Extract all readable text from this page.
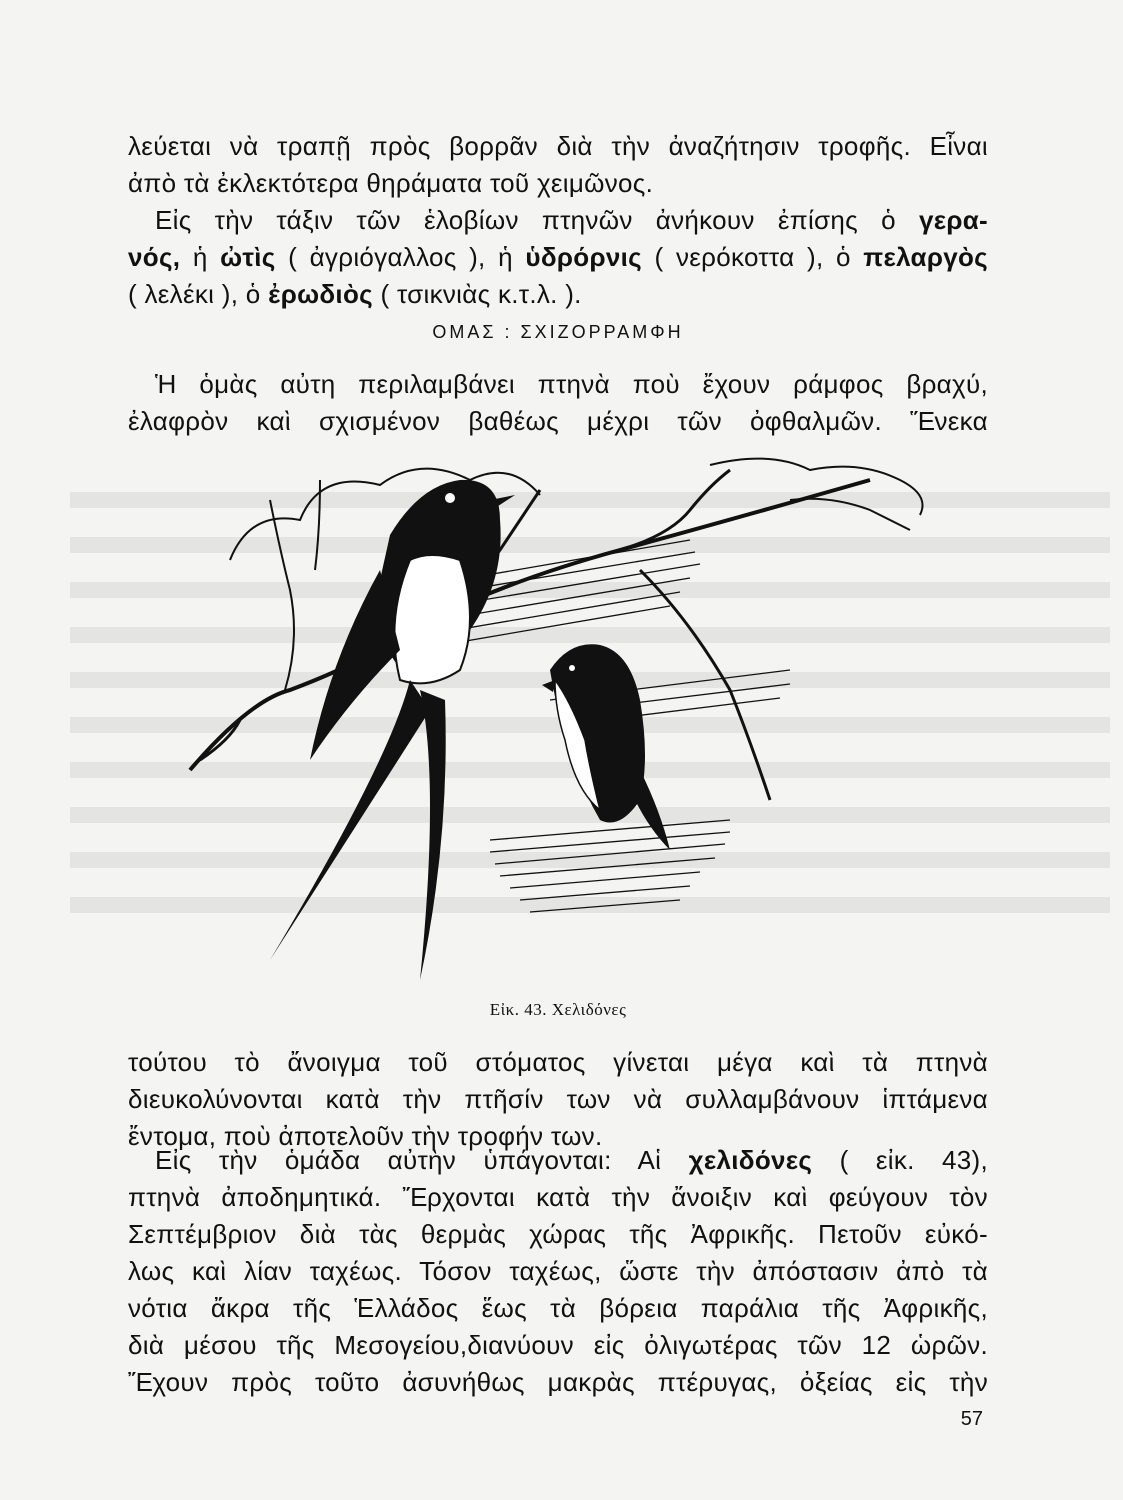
λεύεται νὰ τραπῇ πρὸς βορρᾶν διὰ τὴν ἀναζήτησιν τροφῆς. Εἶναι
ἀπὸ τὰ ἐκλεκτότερα θηράματα τοῦ χειμῶνος.
Εἰς τὴν τάξιν τῶν ἑλοβίων πτηνῶν ἀνήκουν ἐπίσης ὁ γερα-
νός, ἡ ὠτὶς ( ἀγριόγαλλος ), ἡ ὑδρόρνις ( νερόκοττα ), ὁ πελαργὸς
( λελέκι ), ὁ ἐρωδιὸς ( τσικνιὰς κ.τ.λ. ).
ΟΜΑΣ : ΣΧΙΖΟΡΡΑΜΦΗ
Ἡ ὁμὰς αὐτη περιλαμβάνει πτηνὰ ποὺ ἔχουν ράμφος βραχύ,
ἐλαφρὸν καὶ σχισμένον βαθέως μέχρι τῶν ὀφθαλμῶν. Ἕνεκα
Εἰκ. 43. Χελιδόνες
τούτου τὸ ἄνοιγμα τοῦ στόματος γίνεται μέγα καὶ τὰ πτηνὰ
διευκολύνονται κατὰ τὴν πτῆσίν των νὰ συλλαμβάνουν ἱπτάμενα
ἔντομα, ποὺ ἀποτελοῦν τὴν τροφήν των.
Εἰς τὴν ὁμάδα αὐτὴν ὑπάγονται: Αἱ χελιδόνες ( εἰκ. 43),
πτηνὰ ἀποδημητικά. Ἔρχονται κατὰ τὴν ἄνοιξιν καὶ φεύγουν τὸν
Σεπτέμβριον διὰ τὰς θερμὰς χώρας τῆς Ἀφρικῆς. Πετοῦν εὐκό-
λως καὶ λίαν ταχέως. Τόσον ταχέως, ὥστε τὴν ἀπόστασιν ἀπὸ τὰ
νότια ἄκρα τῆς Ἑλλάδος ἕως τὰ βόρεια παράλια τῆς Ἀφρικῆς,
διὰ μέσου τῆς Μεσογείου,διανύουν εἰς ὀλιγωτέρας τῶν 12 ὡρῶν.
Ἔχουν πρὸς τοῦτο ἀσυνήθως μακρὰς πτέρυγας, ὀξείας εἰς τὴν
57
